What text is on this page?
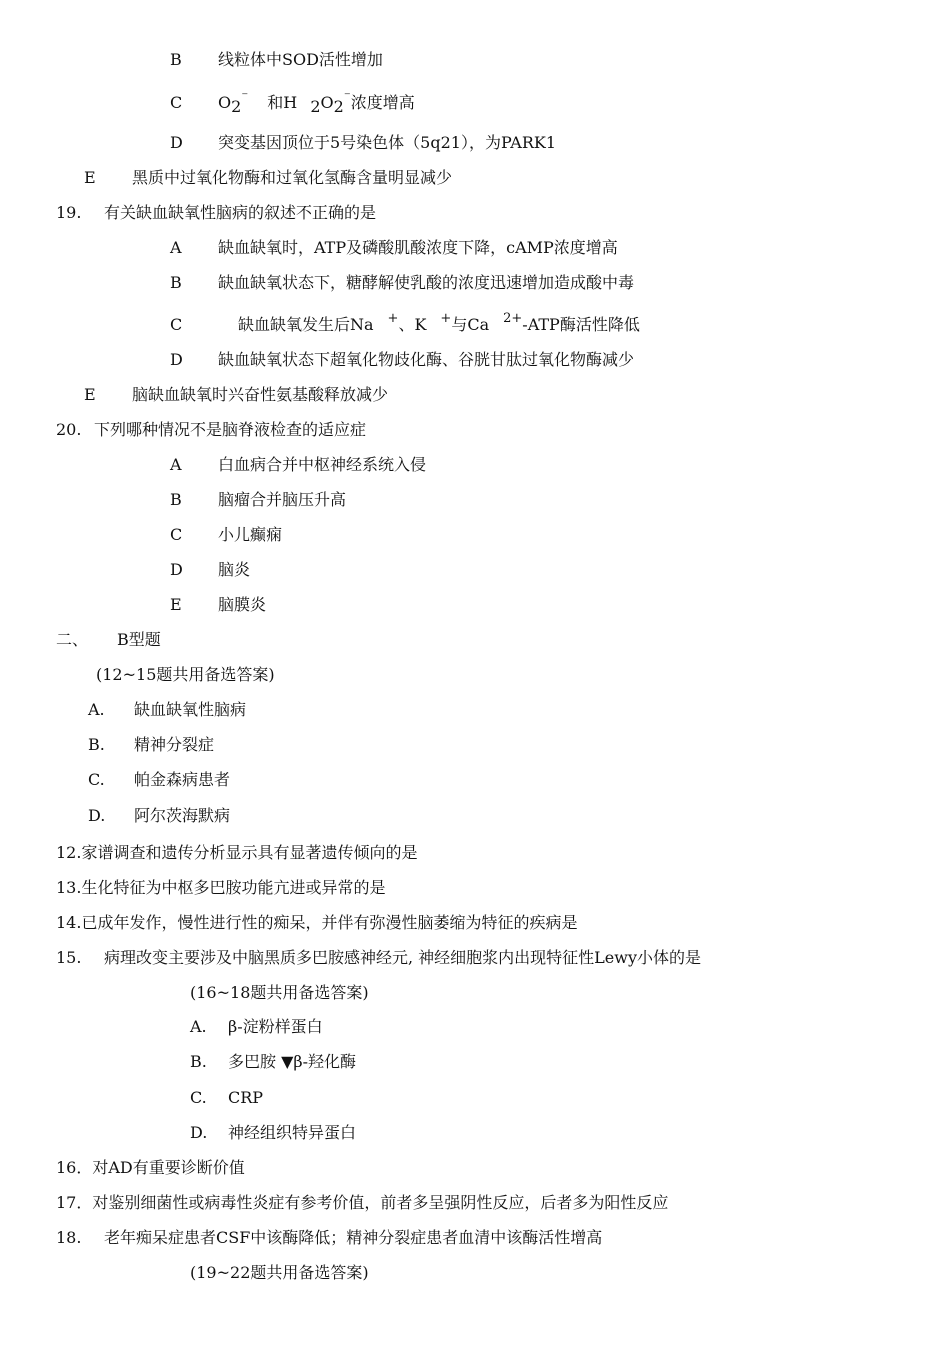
B 线粒体中SOD活性增加
C O2⁻ 和H 2O2⁻浓度增高
D 突变基因顶位于5号染色体（5q21），为PARK1
E 黑质中过氧化物酶和过氧化氢酶含量明显减少
19. 有关缺血缺氧性脑病的叙述不正确的是
A 缺血缺氧时，ATP及磷酸肌酸浓度下降，cAMP浓度增高
B 缺血缺氧状态下，糖酵解使乳酸的浓度迅速增加造成酸中毒
C	缺血缺氧发生后Na +、K +与Ca $^{2+}$-ATP酶活性降低
D 缺血缺氧状态下超氧化物歧化酶、谷胱甘肽过氧化物酶减少
E 脑缺血缺氧时兴奋性氨基酸释放减少
20. 下列哪种情况不是脑脊液检查的适应症
A 白血病合并中枢神经系统入侵
B 脑瘤合并脑压升高
C 小儿癫痫
D 脑炎
E 脑膜炎
二、 B型题
(12~15题共用备选答案)
A. 缺血缺氧性脑病
B. 精神分裂症
C. 帕金森病患者
D. 阿尔茨海默病
12.家谱调查和遗传分析显示具有显著遗传倾向的是
13.生化特征为中枢多巴胺功能亢进或异常的是
14.已成年发作，慢性进行性的痴呆，并伴有弥漫性脑萎缩为特征的疾病是
15. 病理改变主要涉及中脑黑质多巴胺感神经元, 神经细胞浆内出现特征性Lewy小体的是
(16~18题共用备选答案)
A. β-淀粉样蛋白
B. 多巴胺 ▼β-羟化酶
C. CRP
D. 神经组织特异蛋白
16．对AD有重要诊断价值
17．对鉴别细菌性或病毒性炎症有参考价值，前者多呈强阴性反应，后者多为阳性反应
18. 老年痴呆症患者CSF中该酶降低；精神分裂症患者血清中该酶活性增高
(19~22题共用备选答案)
